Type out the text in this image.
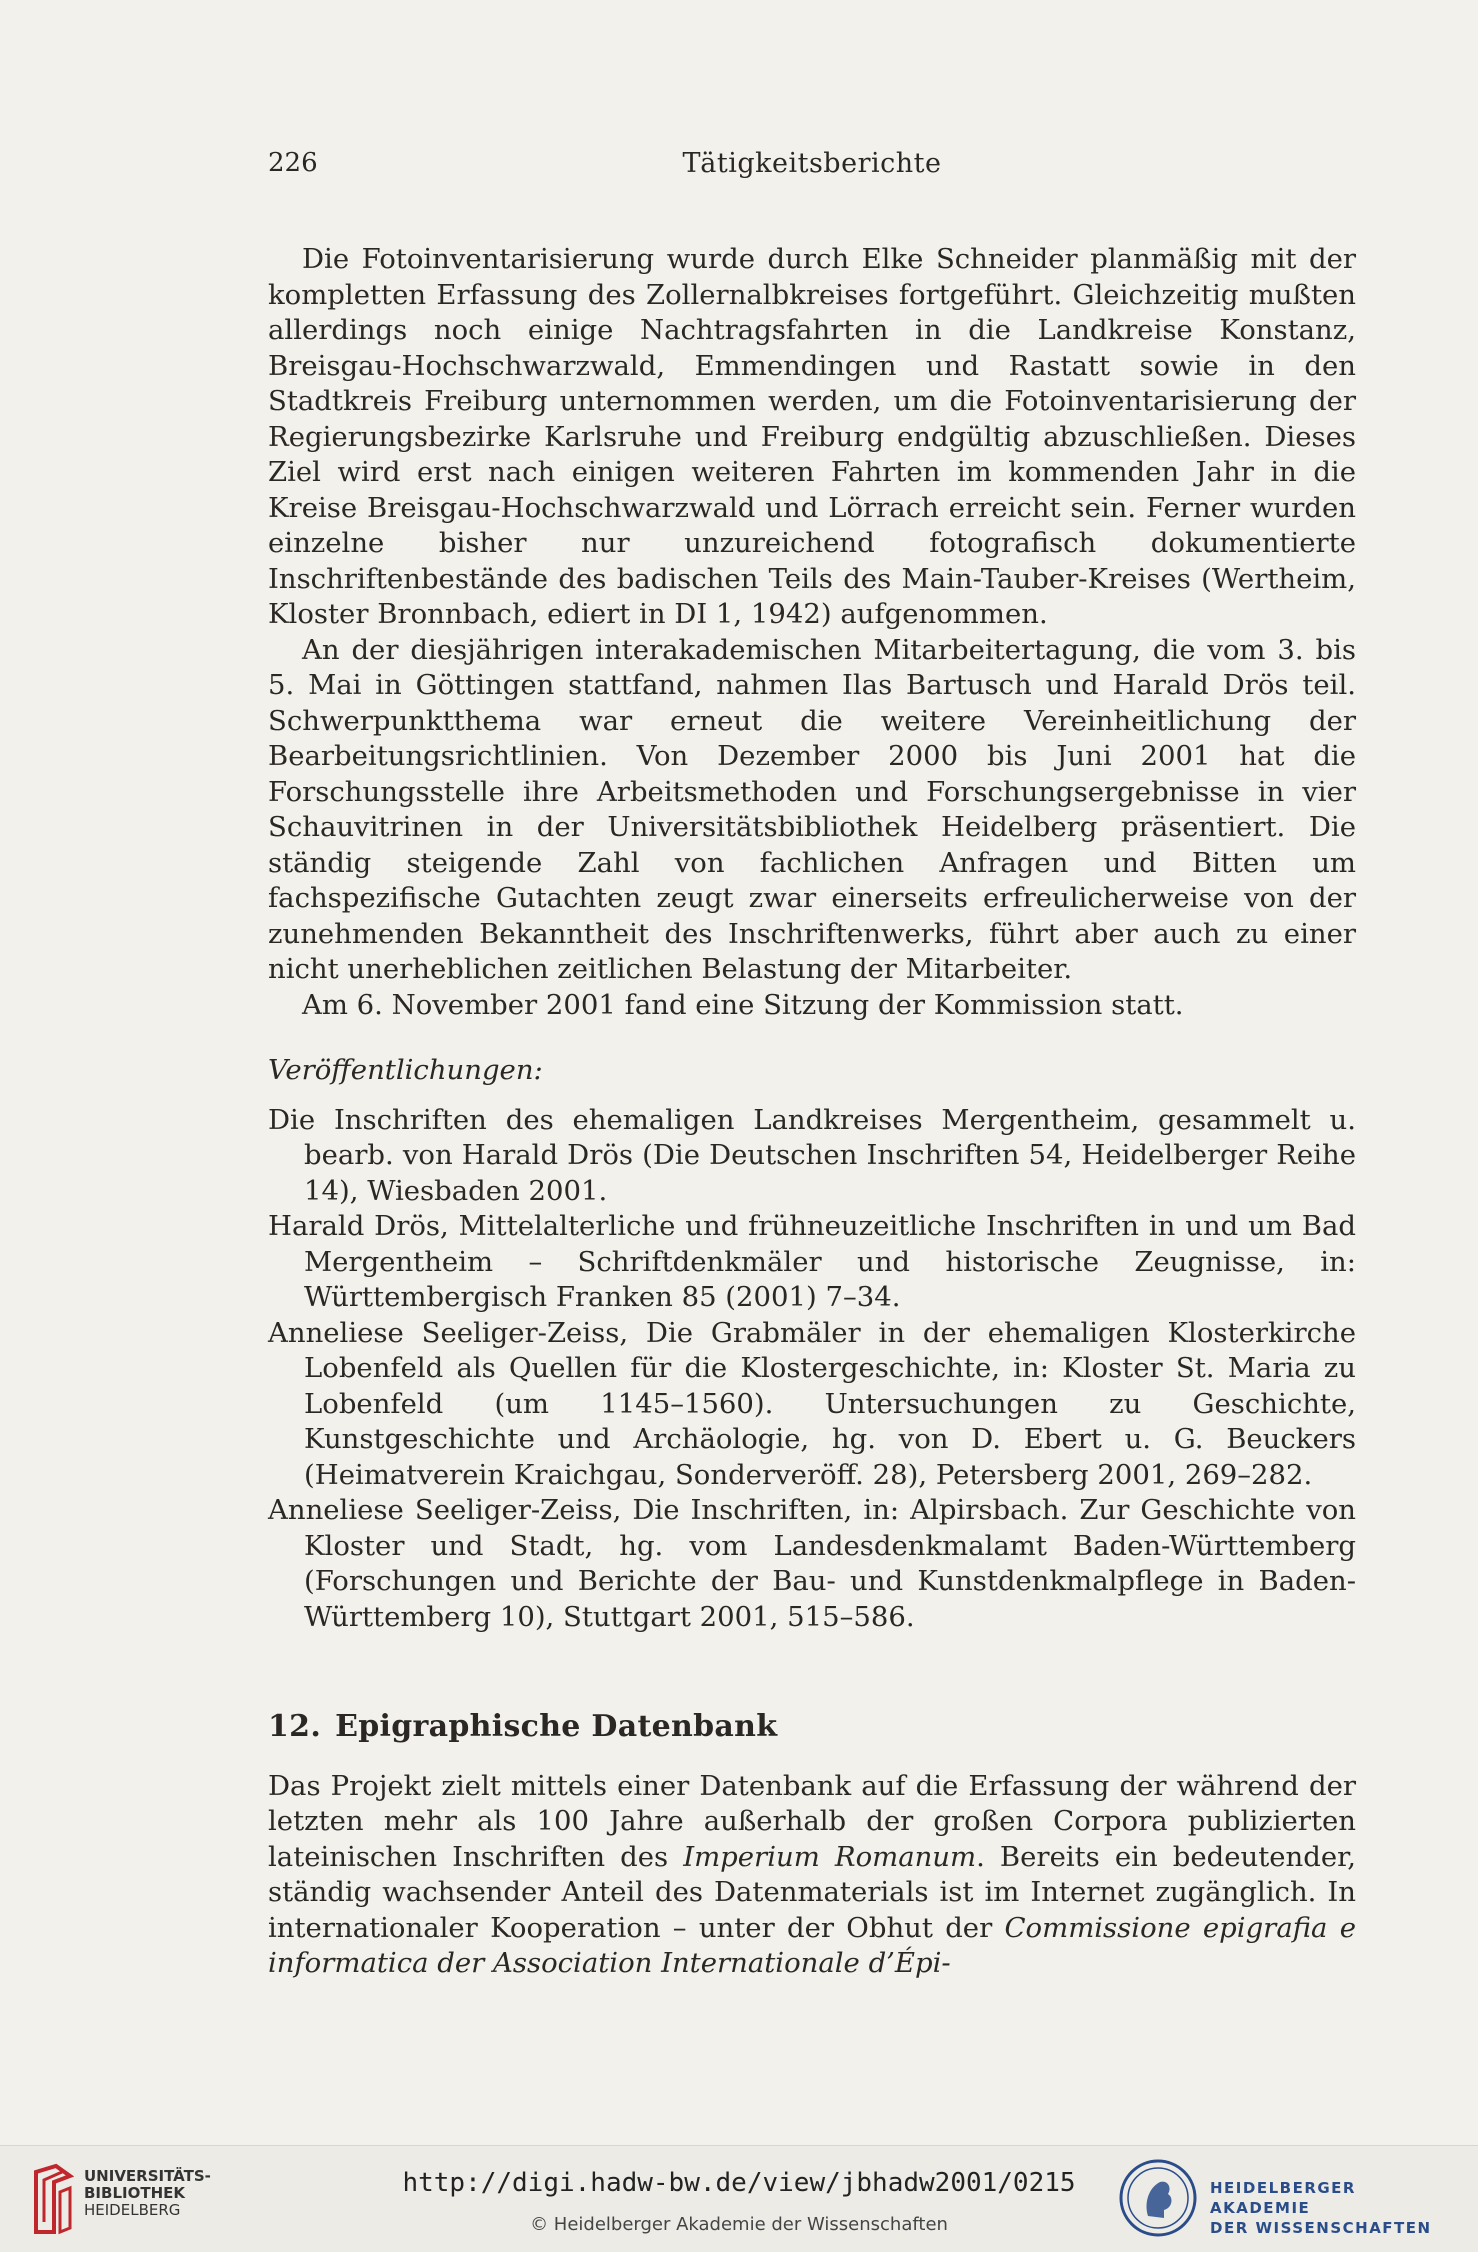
226	Tätigkeitsberichte

Die Fotoinventarisierung wurde durch Elke Schneider planmäßig mit der kompletten Erfassung des Zollernalbkreises fortgeführt. Gleichzeitig mußten allerdings noch einige Nachtragsfahrten in die Landkreise Konstanz, Breisgau-Hochschwarzwald, Emmendingen und Rastatt sowie in den Stadtkreis Freiburg unternommen werden, um die Fotoinventarisierung der Regierungsbezirke Karlsruhe und Freiburg endgültig abzuschließen. Dieses Ziel wird erst nach einigen weiteren Fahrten im kommenden Jahr in die Kreise Breisgau-Hochschwarzwald und Lörrach erreicht sein. Ferner wurden einzelne bisher nur unzureichend fotografisch dokumentierte Inschriftenbestände des badischen Teils des Main-Tauber-Kreises (Wertheim, Kloster Bronnbach, ediert in DI 1, 1942) aufgenommen.

An der diesjährigen interakademischen Mitarbeitertagung, die vom 3. bis 5. Mai in Göttingen stattfand, nahmen Ilas Bartusch und Harald Drös teil. Schwerpunktthema war erneut die weitere Vereinheitlichung der Bearbeitungsrichtlinien. Von Dezember 2000 bis Juni 2001 hat die Forschungsstelle ihre Arbeitsmethoden und Forschungsergebnisse in vier Schauvitrinen in der Universitätsbibliothek Heidelberg präsentiert. Die ständig steigende Zahl von fachlichen Anfragen und Bitten um fachspezifische Gutachten zeugt zwar einerseits erfreulicherweise von der zunehmenden Bekanntheit des Inschriftenwerks, führt aber auch zu einer nicht unerheblichen zeitlichen Belastung der Mitarbeiter.

Am 6. November 2001 fand eine Sitzung der Kommission statt.

Veröffentlichungen:

Die Inschriften des ehemaligen Landkreises Mergentheim, gesammelt u. bearb. von Harald Drös (Die Deutschen Inschriften 54, Heidelberger Reihe 14), Wiesbaden 2001.

Harald Drös, Mittelalterliche und frühneuzeitliche Inschriften in und um Bad Mergentheim – Schriftdenkmäler und historische Zeugnisse, in: Württembergisch Franken 85 (2001) 7–34.

Anneliese Seeliger-Zeiss, Die Grabmäler in der ehemaligen Klosterkirche Lobenfeld als Quellen für die Klostergeschichte, in: Kloster St. Maria zu Lobenfeld (um 1145–1560). Untersuchungen zu Geschichte, Kunstgeschichte und Archäologie, hg. von D. Ebert u. G. Beuckers (Heimatverein Kraichgau, Sonderveröff. 28), Petersberg 2001, 269–282.

Anneliese Seeliger-Zeiss, Die Inschriften, in: Alpirsbach. Zur Geschichte von Kloster und Stadt, hg. vom Landesdenkmalamt Baden-Württemberg (Forschungen und Berichte der Bau- und Kunstdenkmalpflege in Baden-Württemberg 10), Stuttgart 2001, 515–586.

12. Epigraphische Datenbank

Das Projekt zielt mittels einer Datenbank auf die Erfassung der während der letzten mehr als 100 Jahre außerhalb der großen Corpora publizierten lateinischen Inschriften des Imperium Romanum. Bereits ein bedeutender, ständig wachsender Anteil des Datenmaterials ist im Internet zugänglich. In internationaler Kooperation – unter der Obhut der Commissione epigrafia e informatica der Association Internationale d’Épi-

UNIVERSITÄTS-
BIBLIOTHEK
HEIDELBERG
http://digi.hadw-bw.de/view/jbhadw2001/0215
© Heidelberger Akademie der Wissenschaften
HEIDELBERGER AKADEMIE
DER WISSENSCHAFTEN
